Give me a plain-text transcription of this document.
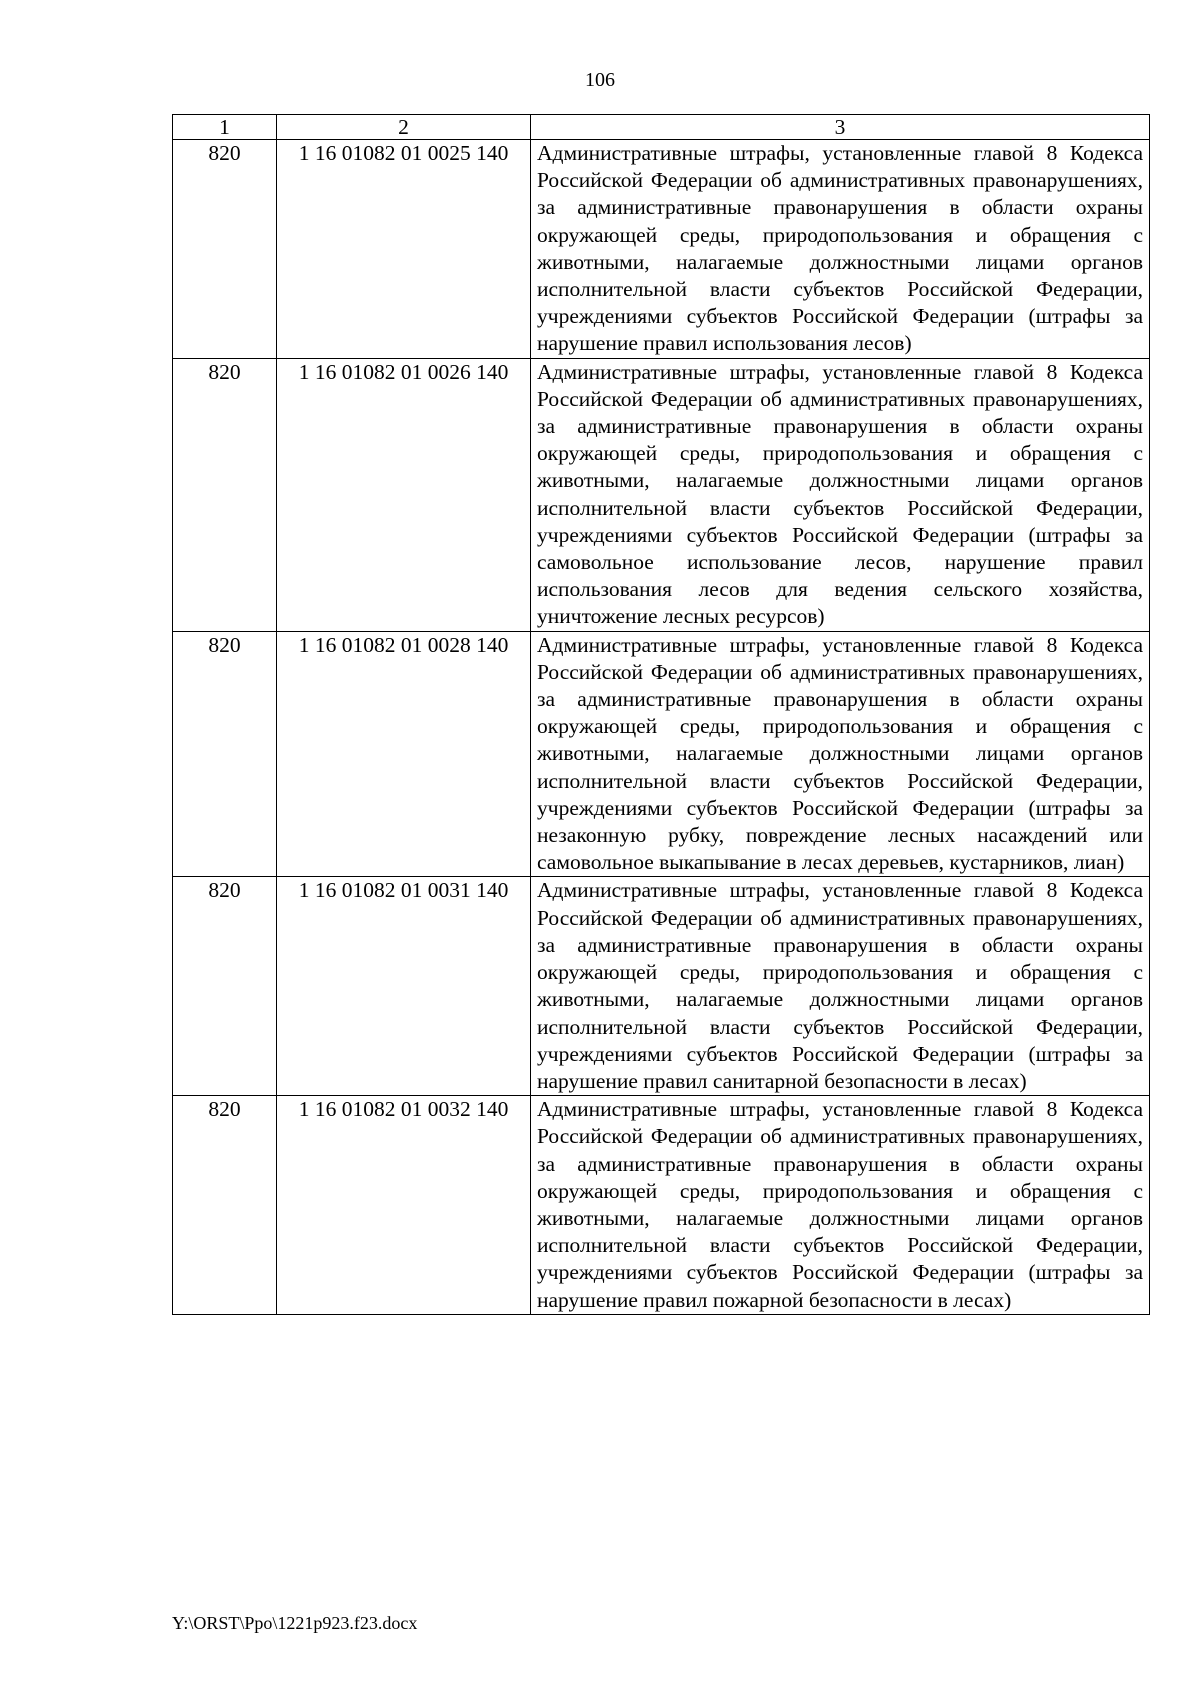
106
1	2	3
820	1 16 01082 01 0025 140	Административные штрафы, установленные главой 8 Кодекса Российской Федерации об административных правонарушениях, за административные правонарушения в области охраны окружающей среды, природопользования и обращения с животными, налагаемые должностными лицами органов исполнительной власти субъектов Российской Федерации, учреждениями субъектов Российской Федерации (штрафы за нарушение правил использования лесов)
820	1 16 01082 01 0026 140	Административные штрафы, установленные главой 8 Кодекса Российской Федерации об административных правонарушениях, за административные правонарушения в области охраны окружающей среды, природопользования и обращения с животными, налагаемые должностными лицами органов исполнительной власти субъектов Российской Федерации, учреждениями субъектов Российской Федерации (штрафы за самовольное использование лесов, нарушение правил использования лесов для ведения сельского хозяйства, уничтожение лесных ресурсов)
820	1 16 01082 01 0028 140	Административные штрафы, установленные главой 8 Кодекса Российской Федерации об административных правонарушениях, за административные правонарушения в области охраны окружающей среды, природопользования и обращения с животными, налагаемые должностными лицами органов исполнительной власти субъектов Российской Федерации, учреждениями субъектов Российской Федерации (штрафы за незаконную рубку, повреждение лесных насаждений или самовольное выкапывание в лесах деревьев, кустарников, лиан)
820	1 16 01082 01 0031 140	Административные штрафы, установленные главой 8 Кодекса Российской Федерации об административных правонарушениях, за административные правонарушения в области охраны окружающей среды, природопользования и обращения с животными, налагаемые должностными лицами органов исполнительной власти субъектов Российской Федерации, учреждениями субъектов Российской Федерации (штрафы за нарушение правил санитарной безопасности в лесах)
820	1 16 01082 01 0032 140	Административные штрафы, установленные главой 8 Кодекса Российской Федерации об административных правонарушениях, за административные правонарушения в области охраны окружающей среды, природопользования и обращения с животными, налагаемые должностными лицами органов исполнительной власти субъектов Российской Федерации, учреждениями субъектов Российской Федерации (штрафы за нарушение правил пожарной безопасности в лесах)
Y:\ORST\Ppo\1221p923.f23.docx
